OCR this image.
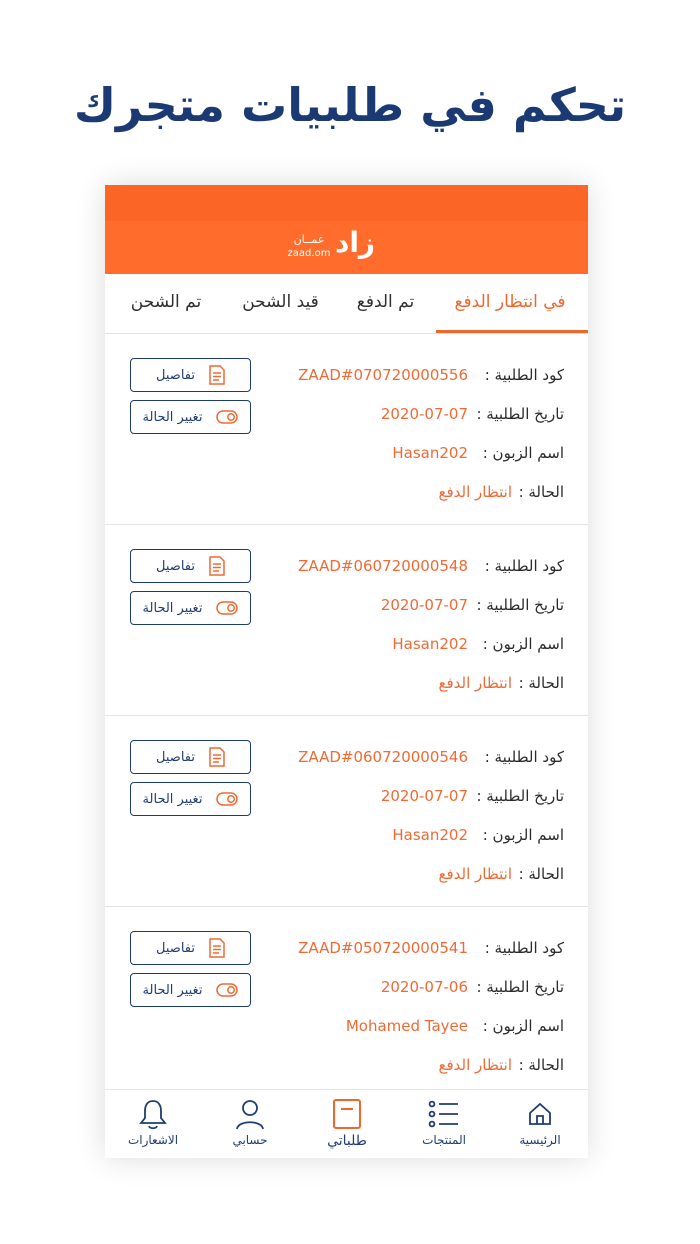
تحكم في طلبيات متجرك
زاد
عمــان
zaad.om
في انتظار الدفع
تم الدفع
قيد الشحن
تم الشحن
كود الطلبية :ZAAD#070720000556
تاريخ الطلبية :2020-07-07
اسم الزبون :Hasan202
الحالة :انتظار الدفع
تفاصيل
تغيير الحالة
كود الطلبية :ZAAD#060720000548
تاريخ الطلبية :2020-07-07
اسم الزبون :Hasan202
الحالة :انتظار الدفع
تفاصيل
تغيير الحالة
كود الطلبية :ZAAD#060720000546
تاريخ الطلبية :2020-07-07
اسم الزبون :Hasan202
الحالة :انتظار الدفع
تفاصيل
تغيير الحالة
كود الطلبية :ZAAD#050720000541
تاريخ الطلبية :2020-07-06
اسم الزبون :Mohamed Tayee
الحالة :انتظار الدفع
تفاصيل
تغيير الحالة
الرئيسية
المنتجات
طلباتي
حسابي
الاشعارات
